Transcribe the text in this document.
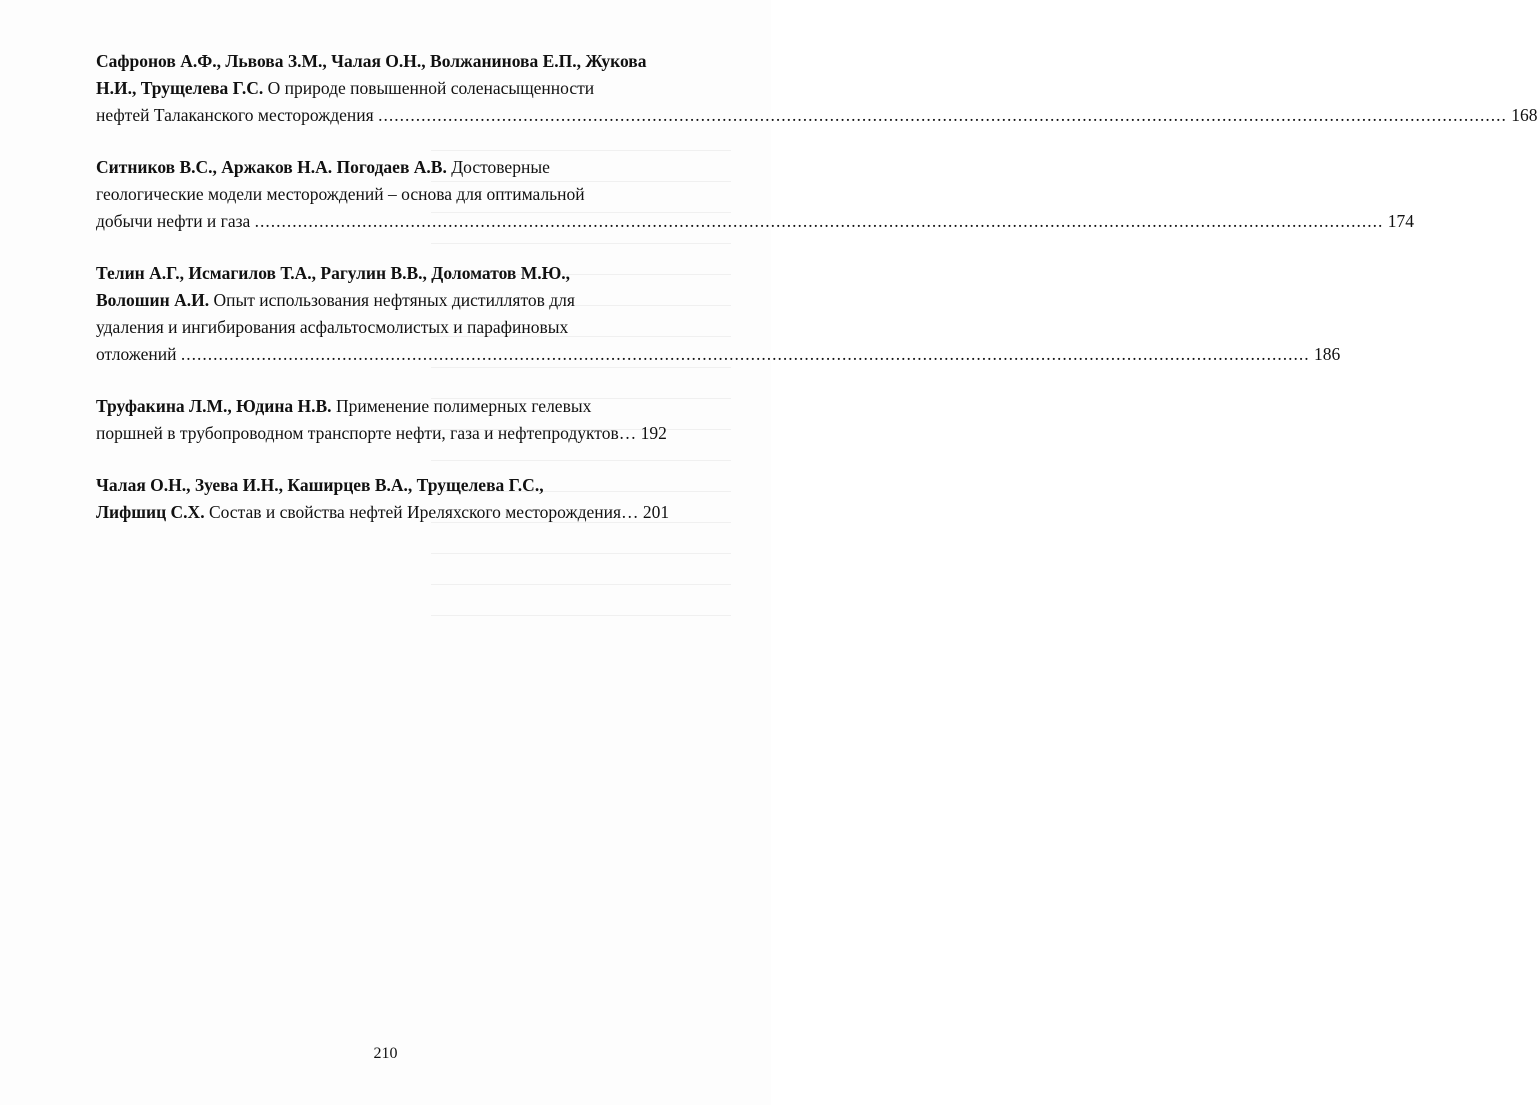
Сафронов А.Ф., Львова З.М., Чалая О.Н., Волжанинова Е.П., Жукова
Н.И., Трущелева Г.С. О природе повышенной соленасыщенности
нефтей Талаканского месторождения .....	168
Ситников В.С., Аржаков Н.А. Погодаев А.В. Достоверные
геологические модели месторождений – основа для оптимальной
добычи нефти и газа .....	174
Телин А.Г., Исмагилов Т.А., Рагулин В.В., Доломатов М.Ю.,
Волошин А.И. Опыт использования нефтяных дистиллятов для
удаления и ингибирования асфальтосмолистых и парафиновых
отложений .....	186
Труфакина Л.М., Юдина Н.В. Применение полимерных гелевых
поршней в трубопроводном транспорте нефти, газа и нефтепродуктов… 192
Чалая О.Н., Зуева И.Н., Каширцев В.А., Трущелева Г.С.,
Лифшиц С.Х. Состав и свойства нефтей Иреляхского месторождения… 201
210
